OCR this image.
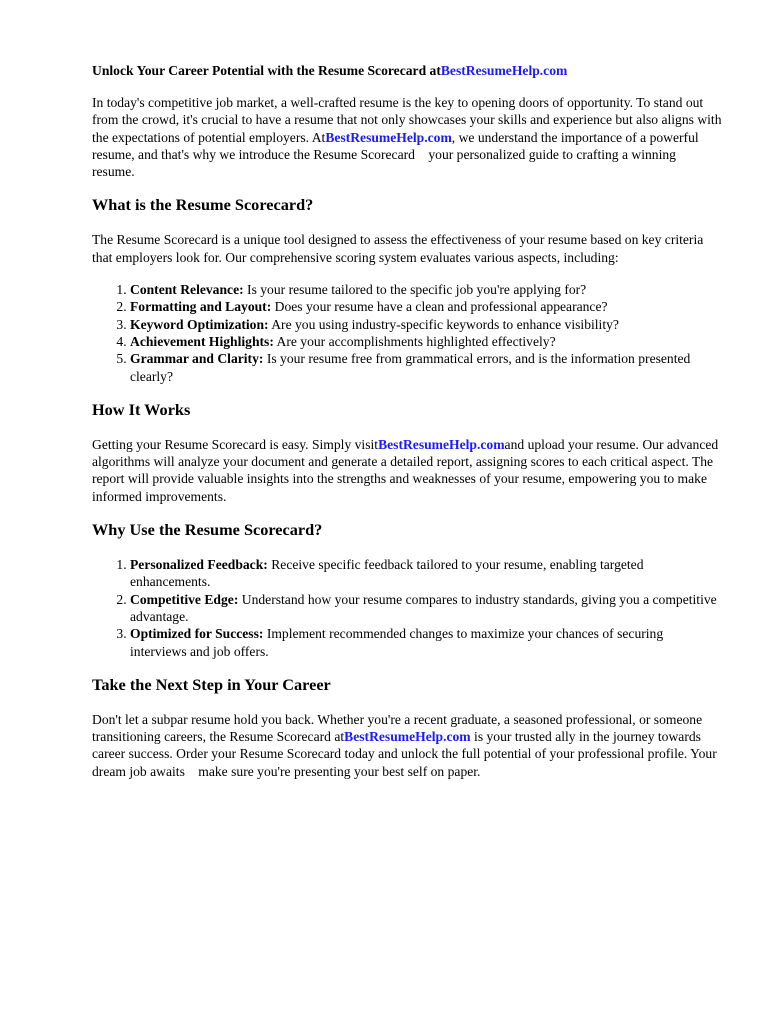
Unlock Your Career Potential with the Resume Scorecard atBestResumeHelp.com

In today's competitive job market, a well-crafted resume is the key to opening doors of opportunity. To stand out from the crowd, it's crucial to have a resume that not only showcases your skills and experience but also aligns with the expectations of potential employers. AtBestResumeHelp.com, we understand the importance of a powerful resume, and that's why we introduce the Resume Scorecard your personalized guide to crafting a winning resume.

What is the Resume Scorecard?

The Resume Scorecard is a unique tool designed to assess the effectiveness of your resume based on key criteria that employers look for. Our comprehensive scoring system evaluates various aspects, including:

1. Content Relevance: Is your resume tailored to the specific job you're applying for?
2. Formatting and Layout: Does your resume have a clean and professional appearance?
3. Keyword Optimization: Are you using industry-specific keywords to enhance visibility?
4. Achievement Highlights: Are your accomplishments highlighted effectively?
5. Grammar and Clarity: Is your resume free from grammatical errors, and is the information presented clearly?
How It Works

Getting your Resume Scorecard is easy. Simply visitBestResumeHelp.comand upload your resume. Our advanced algorithms will analyze your document and generate a detailed report, assigning scores to each critical aspect. The report will provide valuable insights into the strengths and weaknesses of your resume, empowering you to make informed improvements.

Why Use the Resume Scorecard?
1. Personalized Feedback: Receive specific feedback tailored to your resume, enabling targeted enhancements.
2. Competitive Edge: Understand how your resume compares to industry standards, giving you a competitive advantage.
3. Optimized for Success: Implement recommended changes to maximize your chances of securing interviews and job offers.
Take the Next Step in Your Career

Don't let a subpar resume hold you back. Whether you're a recent graduate, a seasoned professional, or someone transitioning careers, the Resume Scorecard atBestResumeHelp.com is your trusted ally in the journey towards career success. Order your Resume Scorecard today and unlock the full potential of your professional profile. Your dream job awaits make sure you're presenting your best self on paper.
